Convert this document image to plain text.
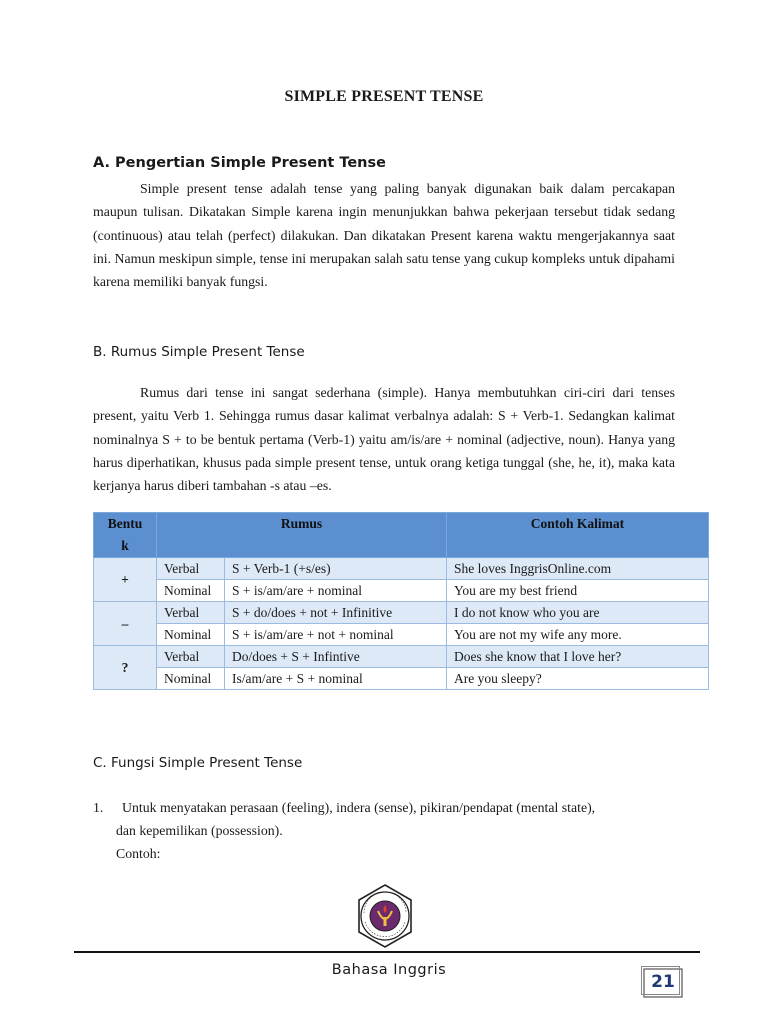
SIMPLE PRESENT TENSE
A. Pengertian Simple Present Tense

Simple present tense adalah tense yang paling banyak digunakan baik dalam percakapan maupun tulisan. Dikatakan Simple karena ingin menunjukkan bahwa pekerjaan tersebut tidak sedang (continuous) atau telah (perfect) dilakukan. Dan dikatakan Present karena waktu mengerjakannya saat ini. Namun meskipun simple, tense ini merupakan salah satu tense yang cukup kompleks untuk dipahami karena memiliki banyak fungsi.

B. Rumus Simple Present Tense

Rumus dari tense ini sangat sederhana (simple). Hanya membutuhkan ciri-ciri dari tenses present, yaitu Verb 1. Sehingga rumus dasar kalimat verbalnya adalah: S + Verb-1. Sedangkan kalimat nominalnya S + to be bentuk pertama (Verb-1) yaitu am/is/are + nominal (adjective, noun). Hanya yang harus diperhatikan, khusus pada simple present tense, untuk orang ketiga tunggal (she, he, it), maka kata kerjanya harus diberi tambahan -s atau –es.

Bentu
k	Rumus		Contoh Kalimat
+	Verbal	S + Verb-1 (+s/es)	She loves InggrisOnline.com
	Nominal	S + is/am/are + nominal	You are my best friend
–	Verbal	S + do/does + not + Infinitive	I do not know who you are
	Nominal	S + is/am/are + not + nominal	You are not my wife any more.
?	Verbal	Do/does + S + Infintive	Does she know that I love her?
	Nominal	Is/am/are + S + nominal	Are you sleepy?
C. Fungsi Simple Present Tense
1.	Untuk menyatakan perasaan (feeling), indera (sense), pikiran/pendapat (mental state),
dan kepemilikan (possession).
Contoh:
Bahasa Inggris
21
